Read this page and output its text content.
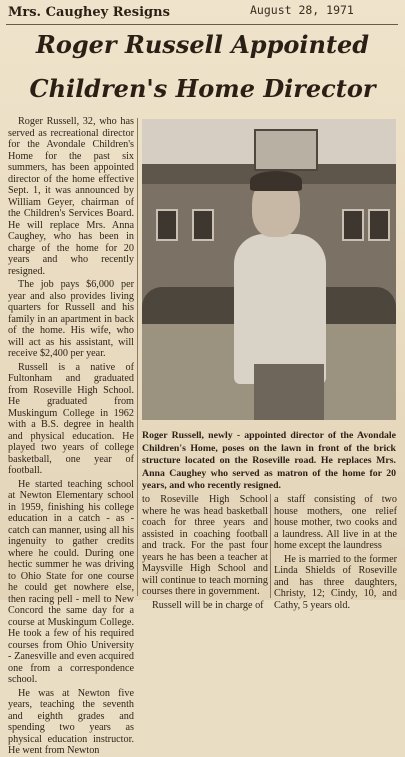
Mrs. Caughey Resigns	August 28, 1971
Roger Russell Appointed
Children's Home Director

Roger Russell, 32, who has served as recreational director for the Avondale Children's Home for the past six summers, has been appointed director of the home effective Sept. 1, it was announced by William Geyer, chairman of the Children's Services Board. He will replace Mrs. Anna Caughey, who has been in charge of the home for 20 years and who recently resigned.

The job pays $6,000 per year and also provides living quarters for Russell and his family in an apartment in back of the home. His wife, who will act as his assistant, will receive $2,400 per year.

Russell is a native of Fultonham and graduated from Roseville High School. He graduated from Muskingum College in 1962 with a B.S. degree in health and physical education. He played two years of college basketball, one year of football.

He started teaching school at Newton Elementary school in 1959, finishing his college education in a catch - as - catch can manner, using all his ingenuity to gather credits where he could. During one hectic summer he was driving to Ohio State for one course he could get nowhere else, then racing pell - mell to New Concord the same day for a course at Muskingum College. He took a few of his required courses from Ohio University - Zanesville and even acquired one from a correspondence school.

He was at Newton five years, teaching the seventh and eighth grades and spending two years as physical education instructor. He went from Newton

Roger Russell, newly - appointed director of the Avondale Children's Home, poses on the lawn in front of the brick structure located on the Roseville road. He replaces Mrs. Anna Caughey who served as matron of the home for 20 years, and who recently resigned.

to Roseville High School where he was head basketball coach for three years and assisted in coaching football and track. For the past four years he has been a teacher at Maysville High School and will continue to teach morning courses there in government.

Russell will be in charge of

a staff consisting of two house mothers, one relief house mother, two cooks and a laundress. All live in at the home except the laundress

He is married to the former Linda Shields of Roseville and has three daughters, Christy, 12; Cindy, 10, and Cathy, 5 years old.
